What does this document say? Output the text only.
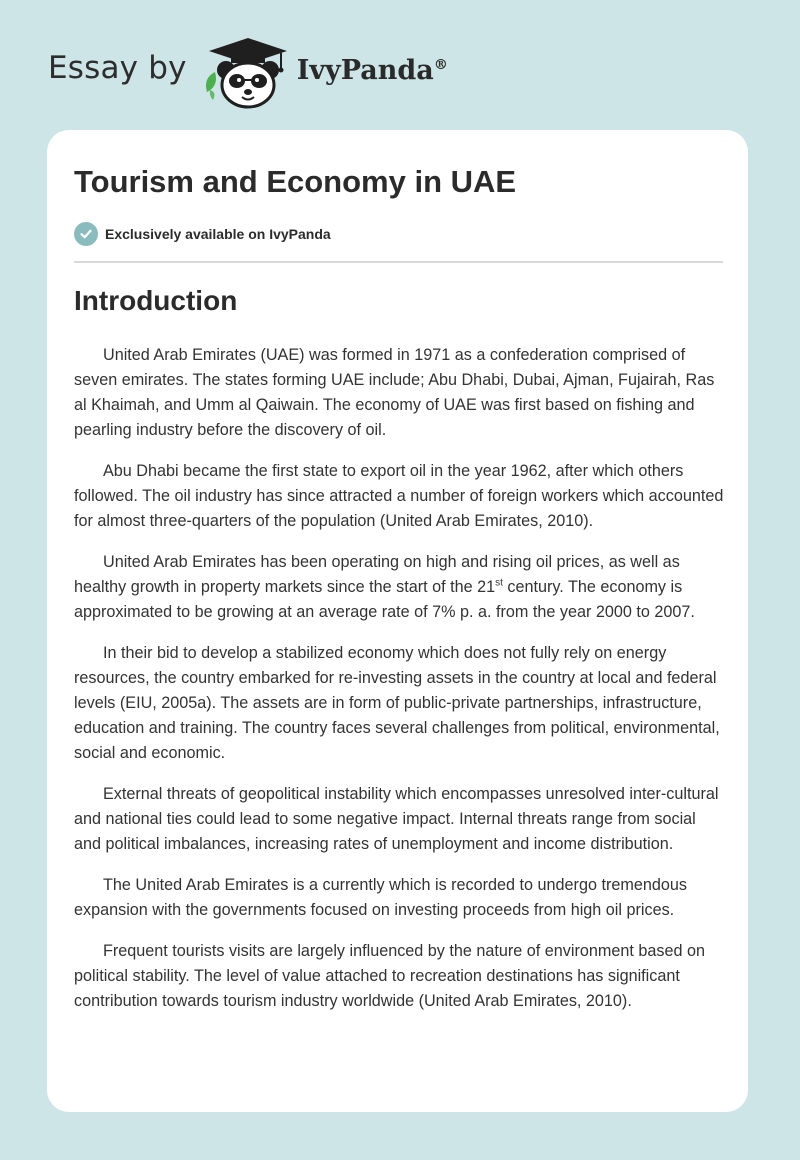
Essay by	IvyPanda®
Tourism and Economy in UAE
Exclusively available on IvyPanda
Introduction

United Arab Emirates (UAE) was formed in 1971 as a confederation comprised of seven emirates. The states forming UAE include; Abu Dhabi, Dubai, Ajman, Fujairah, Ras al Khaimah, and Umm al Qaiwain. The economy of UAE was first based on fishing and pearling industry before the discovery of oil.

Abu Dhabi became the first state to export oil in the year 1962, after which others followed. The oil industry has since attracted a number of foreign workers which accounted for almost three-quarters of the population (United Arab Emirates, 2010).

United Arab Emirates has been operating on high and rising oil prices, as well as healthy growth in property markets since the start of the 21st century. The economy is approximated to be growing at an average rate of 7% p. a. from the year 2000 to 2007.

In their bid to develop a stabilized economy which does not fully rely on energy resources, the country embarked for re-investing assets in the country at local and federal levels (EIU, 2005a). The assets are in form of public-private partnerships, infrastructure, education and training. The country faces several challenges from political, environmental, social and economic.

External threats of geopolitical instability which encompasses unresolved inter-cultural and national ties could lead to some negative impact. Internal threats range from social and political imbalances, increasing rates of unemployment and income distribution.

The United Arab Emirates is a currently which is recorded to undergo tremendous expansion with the governments focused on investing proceeds from high oil prices.

Frequent tourists visits are largely influenced by the nature of environment based on political stability. The level of value attached to recreation destinations has significant contribution towards tourism industry worldwide (United Arab Emirates, 2010).
